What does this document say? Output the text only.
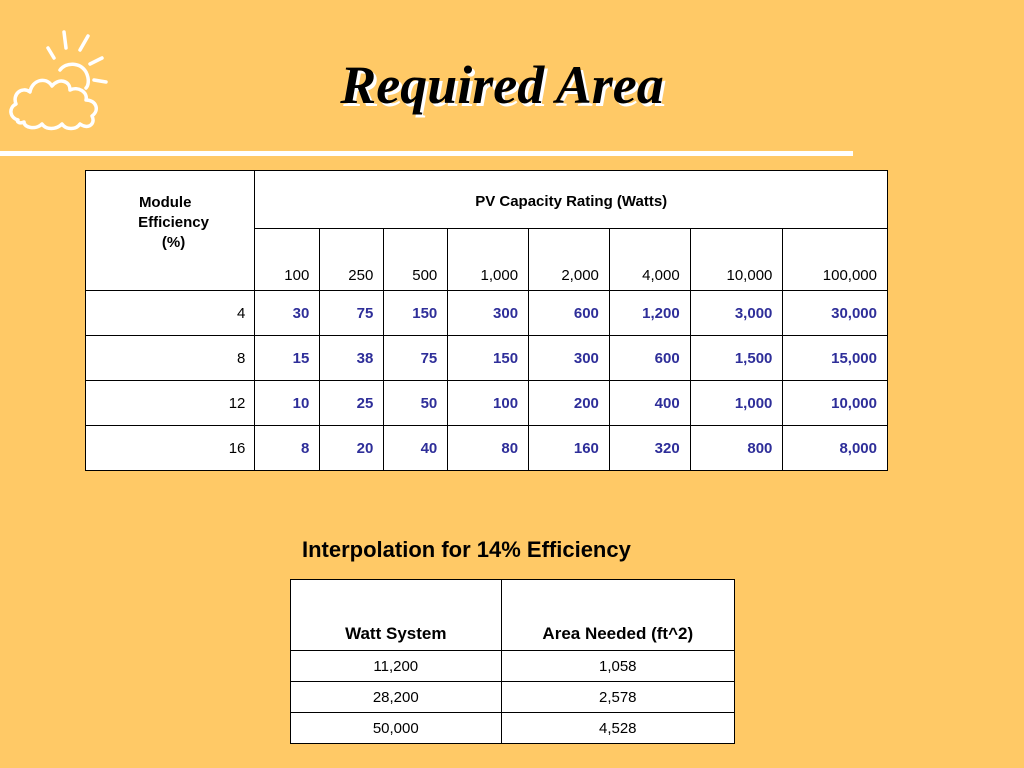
Required Area
Module
Efficiency
(%)	PV Capacity Rating (Watts)							
	100	250	500	1,000	2,000	4,000	10,000	100,000
4	30	75	150	300	600	1,200	3,000	30,000
8	15	38	75	150	300	600	1,500	15,000
12	10	25	50	100	200	400	1,000	10,000
16	8	20	40	80	160	320	800	8,000
Interpolation for 14% Efficiency
Watt System	Area Needed (ft^2)
11,200	1,058
28,200	2,578
50,000	4,528
